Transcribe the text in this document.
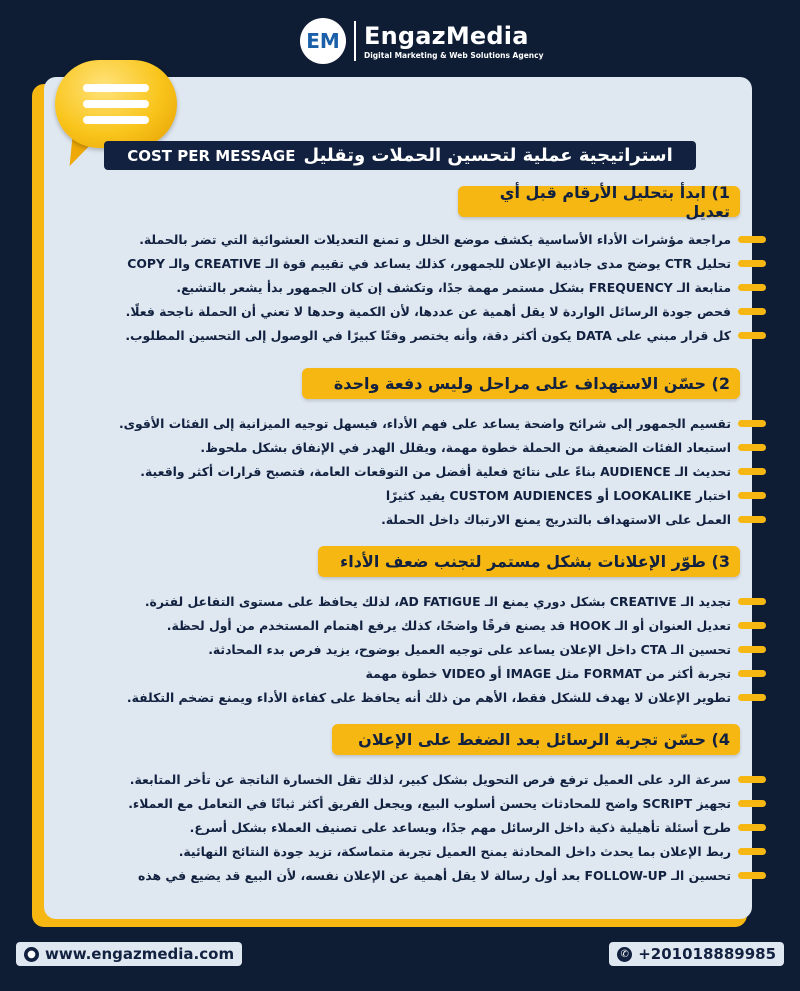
EM EngazMedia
Digital Marketing & Web Solutions Agency
استراتيجية عملية لتحسين الحملات وتقليل
COST PER MESSAGE
1) ابدأ بتحليل الأرقام قبل أي تعديل
مراجعة مؤشرات الأداء الأساسية يكشف موضع الخلل و تمنع التعديلات العشوائية التي تضر بالحملة.
تحليل CTR يوضح مدى جاذبية الإعلان للجمهور، كذلك يساعد في تقييم قوة الـ CREATIVE والـ COPY
متابعة الـ FREQUENCY بشكل مستمر مهمة جدًا، وتكشف إن كان الجمهور بدأ يشعر بالتشبع.
فحص جودة الرسائل الواردة لا يقل أهمية عن عددها، لأن الكمية وحدها لا تعني أن الحملة ناجحة فعلًا.
كل قرار مبني على DATA يكون أكثر دقة، وأنه يختصر وقتًا كبيرًا في الوصول إلى التحسين المطلوب.
2) حسّن الاستهداف على مراحل وليس دفعة واحدة
تقسيم الجمهور إلى شرائح واضحة يساعد على فهم الأداء، فيسهل توجيه الميزانية إلى الفئات الأقوى.
استبعاد الفئات الضعيفة من الحملة خطوة مهمة، ويقلل الهدر في الإنفاق بشكل ملحوظ.
تحديث الـ AUDIENCE بناءً على نتائج فعلية أفضل من التوقعات العامة، فتصبح قرارات أكثر واقعية.
اختبار LOOKALIKE أو CUSTOM AUDIENCES يفيد كثيرًا
العمل على الاستهداف بالتدريج يمنع الارتباك داخل الحملة.
3) طوّر الإعلانات بشكل مستمر لتجنب ضعف الأداء
تجديد الـ CREATIVE بشكل دوري يمنع الـ AD FATIGUE، لذلك يحافظ على مستوى التفاعل لفترة.
تعديل العنوان أو الـ HOOK قد يصنع فرقًا واضحًا، كذلك يرفع اهتمام المستخدم من أول لحظة.
تحسين الـ CTA داخل الإعلان يساعد على توجيه العميل بوضوح، يزيد فرص بدء المحادثة.
تجربة أكثر من FORMAT مثل IMAGE أو VIDEO خطوة مهمة
تطوير الإعلان لا يهدف للشكل فقط، الأهم من ذلك أنه يحافظ على كفاءة الأداء ويمنع تضخم التكلفة.
4) حسّن تجربة الرسائل بعد الضغط على الإعلان
سرعة الرد على العميل ترفع فرص التحويل بشكل كبير، لذلك تقل الخسارة الناتجة عن تأخر المتابعة.
تجهيز SCRIPT واضح للمحادثات يحسن أسلوب البيع، ويجعل الفريق أكثر ثباتًا في التعامل مع العملاء.
طرح أسئلة تأهيلية ذكية داخل الرسائل مهم جدًا، ويساعد على تصنيف العملاء بشكل أسرع.
ربط الإعلان بما يحدث داخل المحادثة يمنح العميل تجربة متماسكة، تزيد جودة النتائج النهائية.
تحسين الـ FOLLOW-UP بعد أول رسالة لا يقل أهمية عن الإعلان نفسه، لأن البيع قد يضيع في هذه
● www.engazmedia.com	✆ +201018889985
